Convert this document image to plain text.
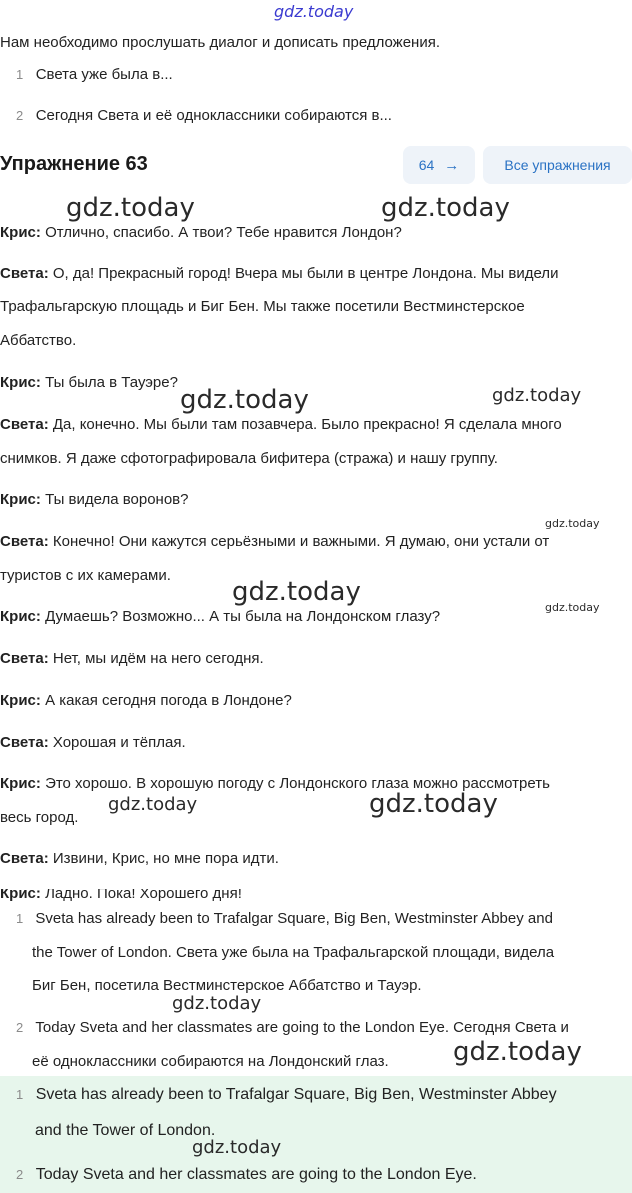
gdz.today
Нам необходимо прослушать диалог и дописать предложения.
1 Света уже была в...
2 Сегодня Света и её одноклассники собираются в...
Упражнение 63	64 →	Все упражнения
Крис: Отлично, спасибо. А твои? Тебе нравится Лондон?
Света: О, да! Прекрасный город! Вчера мы были в центре Лондона. Мы видели
Трафальгарскую площадь и Биг Бен. Мы также посетили Вестминстерское
Аббатство.
Крис: Ты была в Тауэре?
Света: Да, конечно. Мы были там позавчера. Было прекрасно! Я сделала много
снимков. Я даже сфотографировала бифитера (стража) и нашу группу.
Крис: Ты видела воронов?
Света: Конечно! Они кажутся серьёзными и важными. Я думаю, они устали от
туристов с их камерами.
Крис: Думаешь? Возможно... А ты была на Лондонском глазу?
Света: Нет, мы идём на него сегодня.
Крис: А какая сегодня погода в Лондоне?
Света: Хорошая и тёплая.
Крис: Это хорошо. В хорошую погоду с Лондонского глаза можно рассмотреть
весь город.
Света: Извини, Крис, но мне пора идти.
Крис: Ладно. Пока! Хорошего дня!
1 Sveta has already been to Trafalgar Square, Big Ben, Westminster Abbey and
the Tower of London. Света уже была на Трафальгарской площади, видела
Биг Бен, посетила Вестминстерское Аббатство и Тауэр.
2 Today Sveta and her classmates are going to the London Eye. Сегодня Света и
её одноклассники собираются на Лондонский глаз.
1 Sveta has already been to Trafalgar Square, Big Ben, Westminster Abbey
and the Tower of London.
2 Today Sveta and her classmates are going to the London Eye.
gdz.today	gdz.today
gdz.today	gdz.today
gdz.today
gdz.today
gdz.today
gdz.today	gdz.today
gdz.today
gdz.today
gdz.today
